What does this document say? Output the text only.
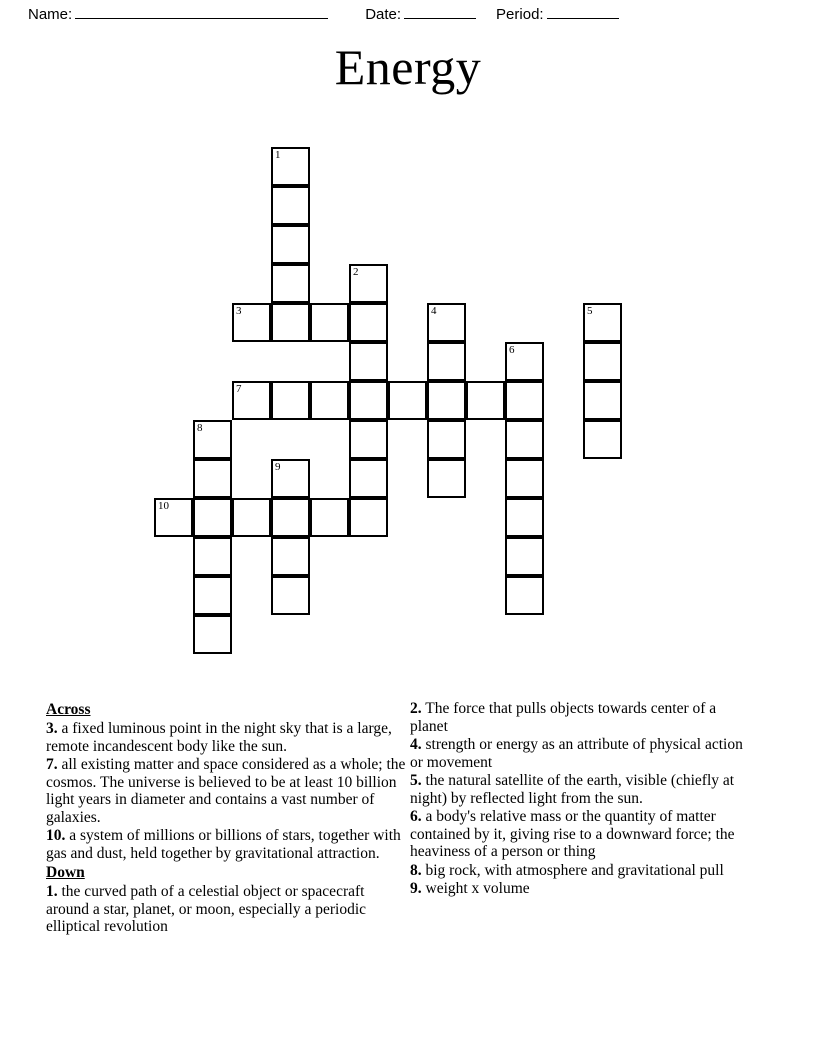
Name:	Date:	Period:
Energy
1
2
3	4	5
6
7
8
9
10
Across
3. a fixed luminous point in the night sky that is a large, remote incandescent body like the sun.
7. all existing matter and space considered as a whole; the cosmos. The universe is believed to be at least 10 billion light years in diameter and contains a vast number of galaxies.
10. a system of millions or billions of stars, together with gas and dust, held together by gravitational attraction.
Down
1. the curved path of a celestial object or spacecraft around a star, planet, or moon, especially a periodic elliptical revolution
2. The force that pulls objects towards center of a planet
4. strength or energy as an attribute of physical action or movement
5. the natural satellite of the earth, visible (chiefly at night) by reflected light from the sun.
6. a body's relative mass or the quantity of matter contained by it, giving rise to a downward force; the heaviness of a person or thing
8. big rock, with atmosphere and gravitational pull
9. weight x volume
